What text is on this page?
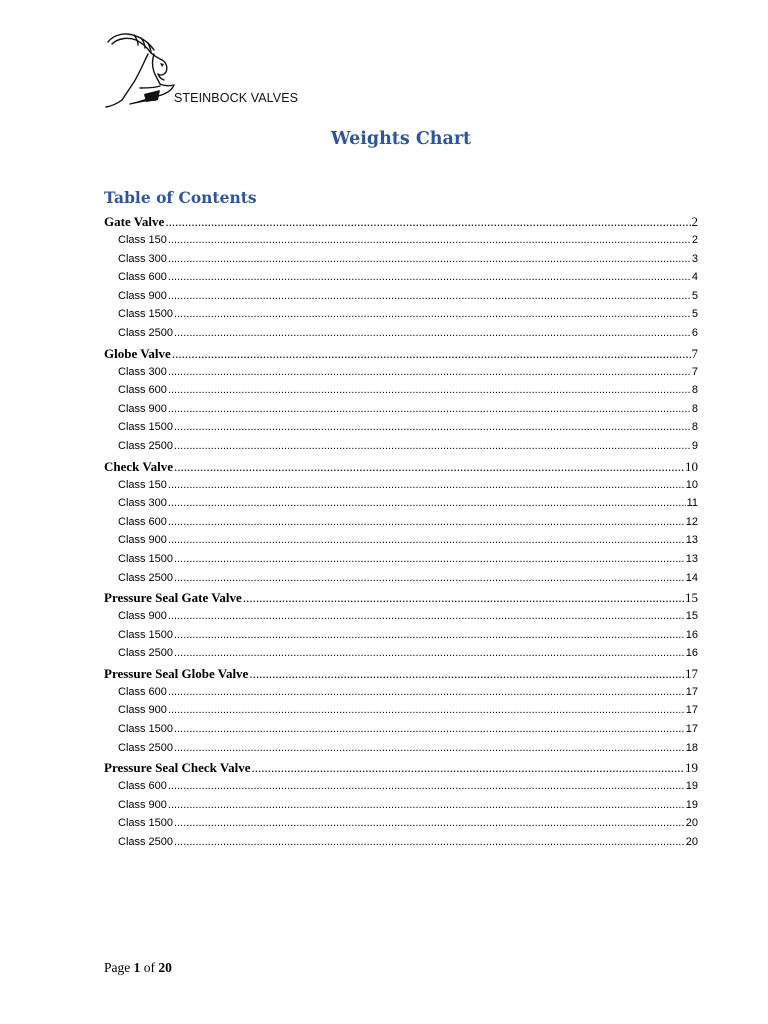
STEINBOCK VALVES
Weights Chart
Table of Contents
Gate Valve .....	2
Class 150 .....	2
Class 300 .....	3
Class 600 .....	4
Class 900 .....	5
Class 1500 .....	5
Class 2500 .....	6
Globe Valve .....	7
Class 300 .....	7
Class 600 .....	8
Class 900 .....	8
Class 1500 .....	8
Class 2500 .....	9
Check Valve .....	10
Class 150 .....	10
Class 300 .....	11
Class 600 .....	12
Class 900 .....	13
Class 1500 .....	13
Class 2500 .....	14
Pressure Seal Gate Valve .....	15
Class 900 .....	15
Class 1500 .....	16
Class 2500 .....	16
Pressure Seal Globe Valve .....	17
Class 600 .....	17
Class 900 .....	17
Class 1500 .....	17
Class 2500 .....	18
Pressure Seal Check Valve .....	19
Class 600 .....	19
Class 900 .....	19
Class 1500 .....	20
Class 2500 .....	20
Page 1 of 20
